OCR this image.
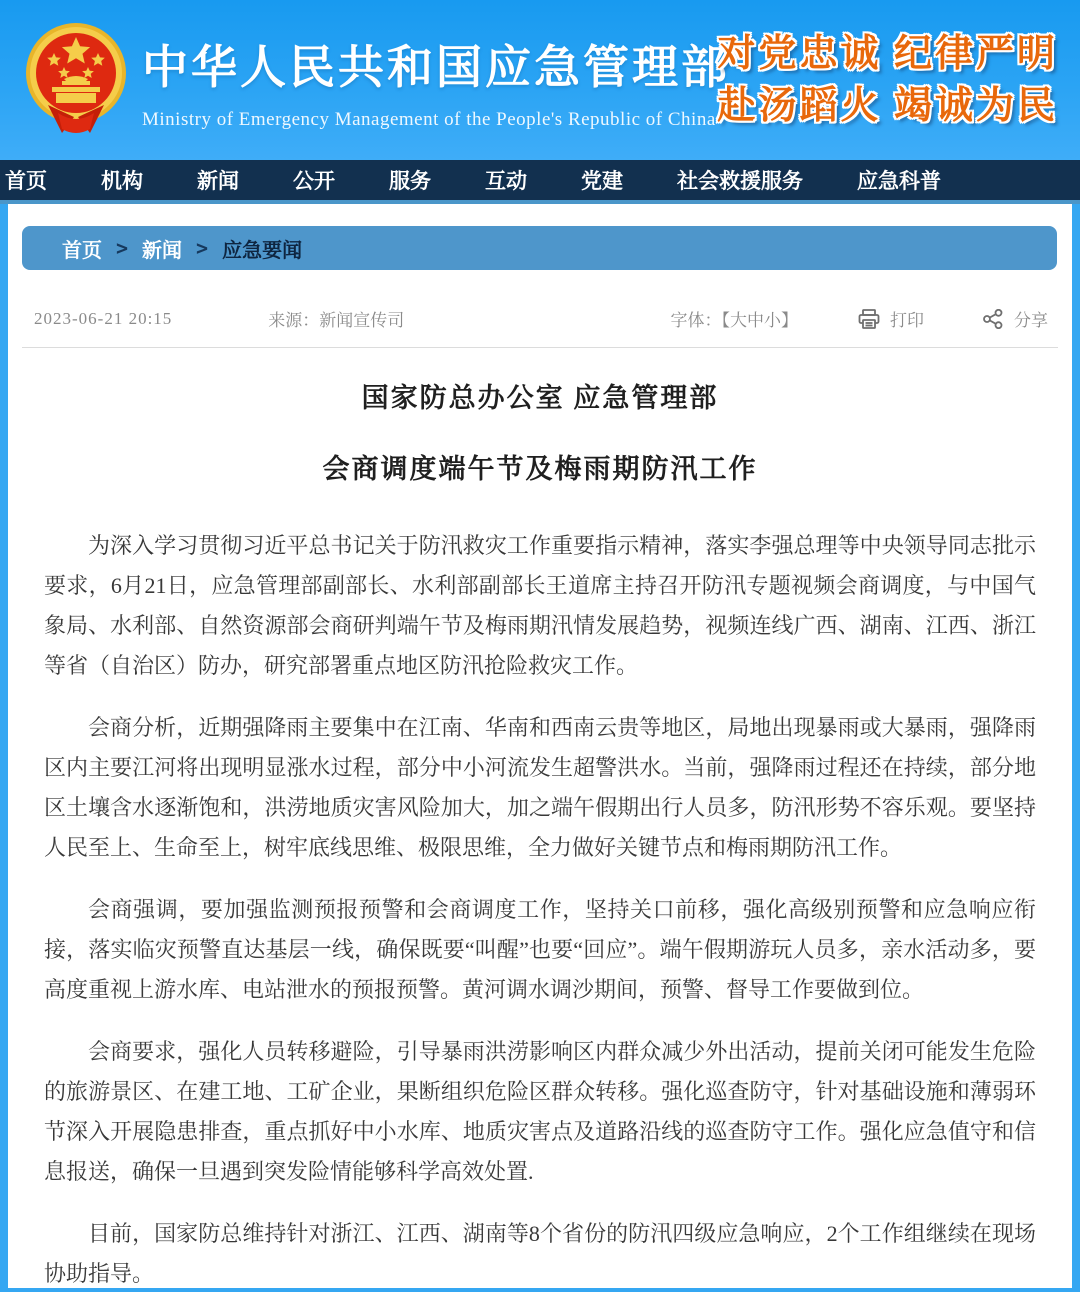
中华人民共和国应急管理部
Ministry of Emergency Management of the People's Republic of China
对党忠诚 纪律严明
赴汤蹈火 竭诚为民
首页	机构	新闻	公开	服务	互动	党建	社会救援服务	应急科普
首页 > 新闻 > 应急要闻
2023-06-21 20:15	来源：新闻宣传司	字体：【大中小】	打印	分享
国家防总办公室 应急管理部
会商调度端午节及梅雨期防汛工作

为深入学习贯彻习近平总书记关于防汛救灾工作重要指示精神，落实李强总理等中央领导同志批示要求，6月21日，应急管理部副部长、水利部副部长王道席主持召开防汛专题视频会商调度，与中国气象局、水利部、自然资源部会商研判端午节及梅雨期汛情发展趋势，视频连线广西、湖南、江西、浙江等省（自治区）防办，研究部署重点地区防汛抢险救灾工作。

会商分析，近期强降雨主要集中在江南、华南和西南云贵等地区，局地出现暴雨或大暴雨，强降雨区内主要江河将出现明显涨水过程，部分中小河流发生超警洪水。当前，强降雨过程还在持续，部分地区土壤含水逐渐饱和，洪涝地质灾害风险加大，加之端午假期出行人员多，防汛形势不容乐观。要坚持人民至上、生命至上，树牢底线思维、极限思维，全力做好关键节点和梅雨期防汛工作。

会商强调，要加强监测预报预警和会商调度工作，坚持关口前移，强化高级别预警和应急响应衔接，落实临灾预警直达基层一线，确保既要“叫醒”也要“回应”。端午假期游玩人员多，亲水活动多，要高度重视上游水库、电站泄水的预报预警。黄河调水调沙期间，预警、督导工作要做到位。

会商要求，强化人员转移避险，引导暴雨洪涝影响区内群众减少外出活动，提前关闭可能发生危险的旅游景区、在建工地、工矿企业，果断组织危险区群众转移。强化巡查防守，针对基础设施和薄弱环节深入开展隐患排查，重点抓好中小水库、地质灾害点及道路沿线的巡查防守工作。强化应急值守和信息报送，确保一旦遇到突发险情能够科学高效处置.

目前，国家防总维持针对浙江、江西、湖南等8个省份的防汛四级应急响应，2个工作组继续在现场协助指导。
